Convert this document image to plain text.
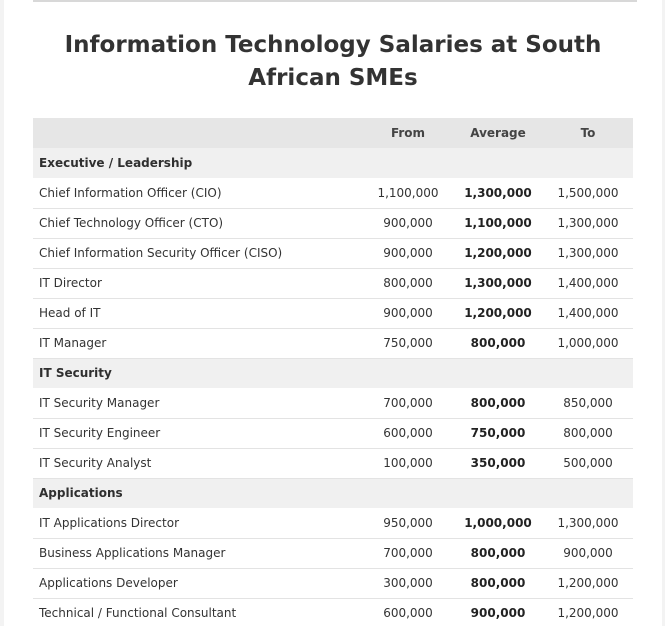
Information Technology Salaries at South African SMEs
	From	Average	To
Executive / Leadership			
Chief Information Officer (CIO)	1,100,000	1,300,000	1,500,000
Chief Technology Officer (CTO)	900,000	1,100,000	1,300,000
Chief Information Security Officer (CISO)	900,000	1,200,000	1,300,000
IT Director	800,000	1,300,000	1,400,000
Head of IT	900,000	1,200,000	1,400,000
IT Manager	750,000	800,000	1,000,000
IT Security			
IT Security Manager	700,000	800,000	850,000
IT Security Engineer	600,000	750,000	800,000
IT Security Analyst	100,000	350,000	500,000
Applications			
IT Applications Director	950,000	1,000,000	1,300,000
Business Applications Manager	700,000	800,000	900,000
Applications Developer	300,000	800,000	1,200,000
Technical / Functional Consultant	600,000	900,000	1,200,000
